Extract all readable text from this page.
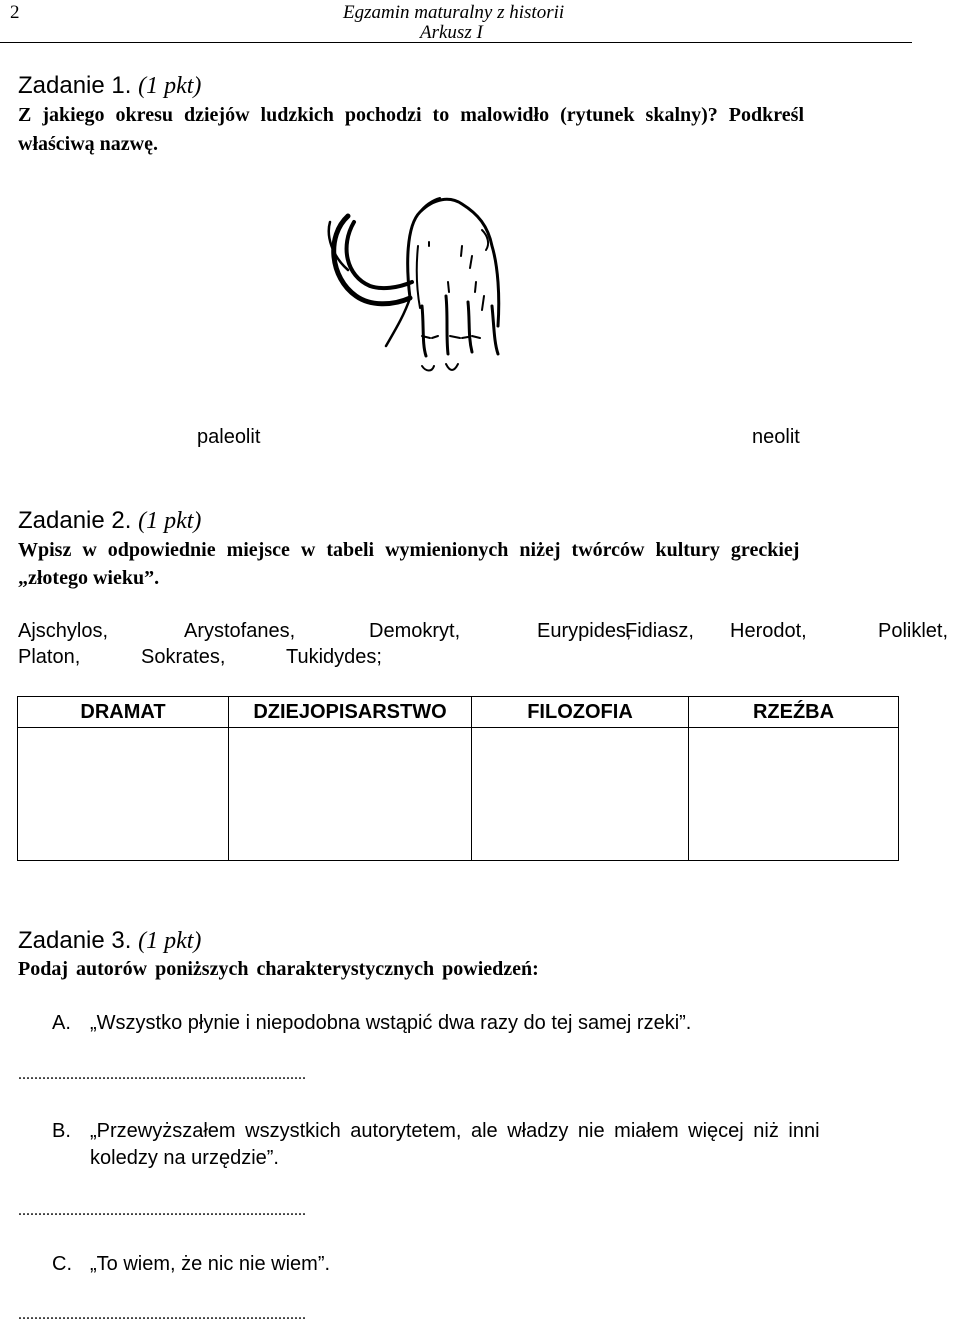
2	Egzamin maturalny z historii
Arkusz I
Zadanie 1. (1 pkt)
Z jakiego okresu dziejów ludzkich pochodzi to malowidło (rytunek skalny)? Podkreśl
właściwą nazwę.
paleolit	neolit
Zadanie 2. (1 pkt)
Wpisz w odpowiednie miejsce w tabeli wymienionych niżej twórców kultury greckiej
„złotego wieku”.
Ajschylos,	Arystofanes,	Demokryt,	Eurypides,
Fidiasz, Herodot,	Poliklet,
Platon,	Sokrates,	Tukidydes;
DRAMAT	DZIEJOPISARSTWO	FILOZOFIA	RZEŹBA

Zadanie 3. (1 pkt)
Podaj autorów poniższych charakterystycznych powiedzeń:
A. „Wszystko płynie i niepodobna wstąpić dwa razy do tej samej rzeki”.
........................................................................
B. „Przewyższałem wszystkich autorytetem, ale władzy nie miałem więcej niż inni
koledzy na urzędzie”.
........................................................................
C. „To wiem, że nic nie wiem”.
........................................................................
